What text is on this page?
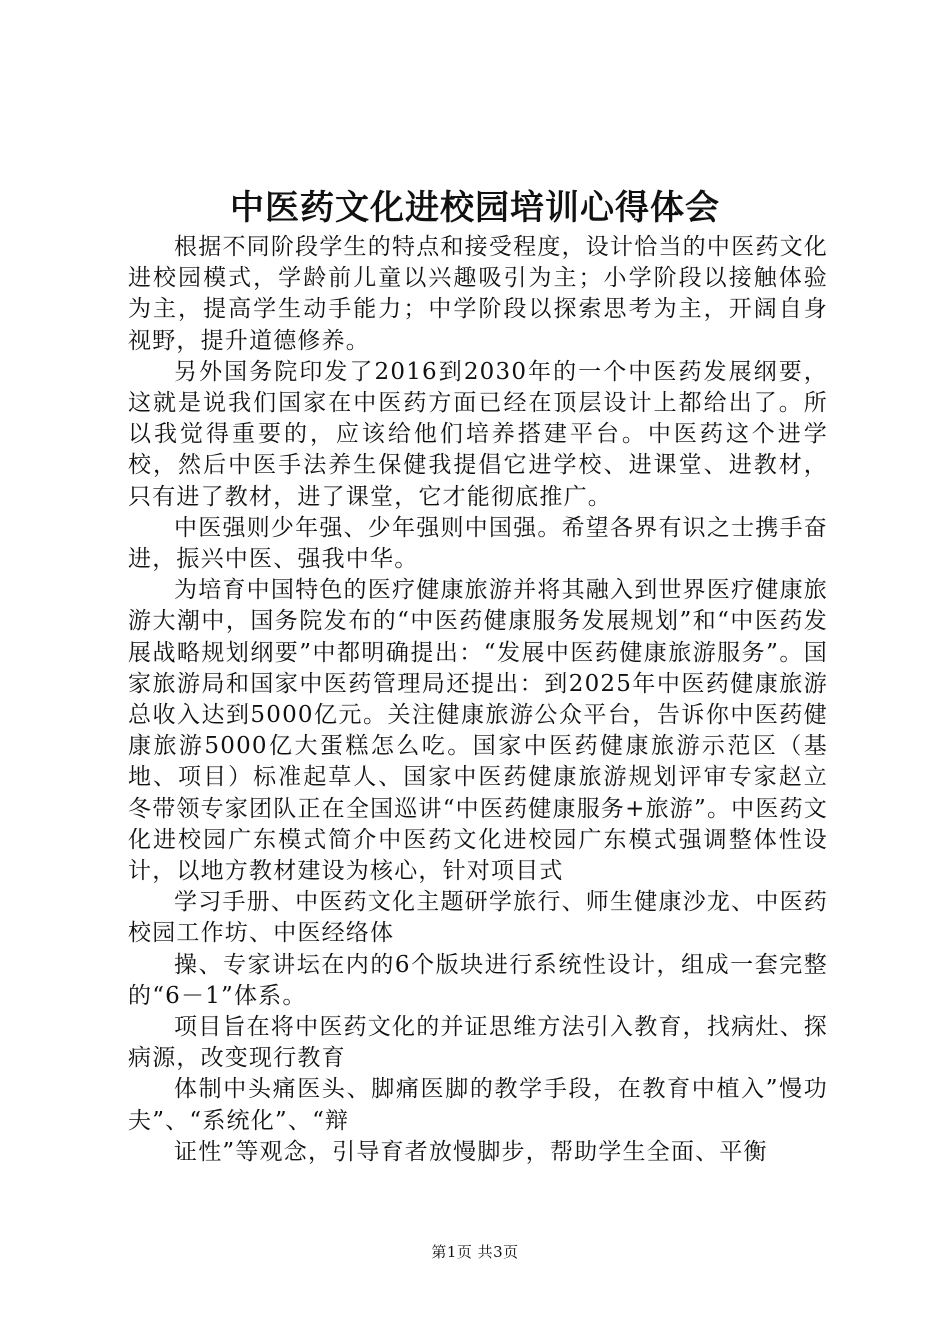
中医药文化进校园培训心得体会

根据不同阶段学生的特点和接受程度，设计恰当的中医药文化进校园模式，学龄前儿童以兴趣吸引为主；小学阶段以接触体验为主，提高学生动手能力；中学阶段以探索思考为主，开阔自身视野，提升道德修养。

另外国务院印发了2016到2030年的一个中医药发展纲要，这就是说我们国家在中医药方面已经在顶层设计上都给出了。所以我觉得重要的，应该给他们培养搭建平台。中医药这个进学校，然后中医手法养生保健我提倡它进学校、进课堂、进教材，只有进了教材，进了课堂，它才能彻底推广。

中医强则少年强、少年强则中国强。希望各界有识之士携手奋进，振兴中医、强我中华。

为培育中国特色的医疗健康旅游并将其融入到世界医疗健康旅游大潮中，国务院发布的“中医药健康服务发展规划”和“中医药发展战略规划纲要”中都明确提出：“发展中医药健康旅游服务”。国家旅游局和国家中医药管理局还提出：到2025年中医药健康旅游总收入达到5000亿元。关注健康旅游公众平台，告诉你中医药健康旅游5000亿大蛋糕怎么吃。国家中医药健康旅游示范区（基地、项目）标准起草人、国家中医药健康旅游规划评审专家赵立冬带领专家团队正在全国巡讲“中医药健康服务+旅游”。中医药文化进校园广东模式简介中医药文化进校园广东模式强调整体性设计，以地方教材建设为核心，针对项目式

学习手册、中医药文化主题研学旅行、师生健康沙龙、中医药校园工作坊、中医经络体

操、专家讲坛在内的6个版块进行系统性设计，组成一套完整的“6－1”体系。

项目旨在将中医药文化的并证思维方法引入教育，找病灶、探病源，改变现行教育

体制中头痛医头、脚痛医脚的教学手段，在教育中植入”慢功夫”、“系统化”、“辩

证性”等观念，引导育者放慢脚步，帮助学生全面、平衡

第1页 共3页
